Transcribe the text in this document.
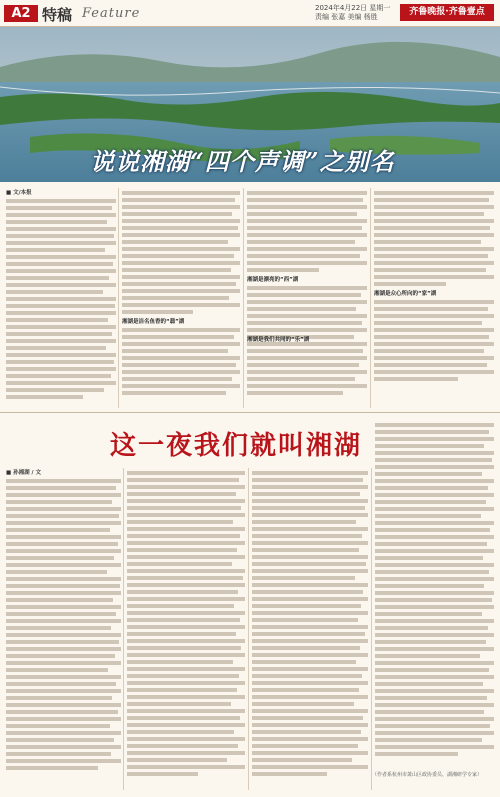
A2 特稿 Feature	2024年4月22日 星期一
责编 张嘉 美编 杨胜	齐鲁晚报·齐鲁壹点
说说湘湖“四个声调”之别名
■ 文/本报
湘湖是洁名鱼香的“翡”湖
湘湖是漂亮的“西”湖
湘湖是众心所向的“家”湖
湘湖是我们共同的“乐”湖
这一夜我们就叫湘湖
■ 孙湘湖 / 文
（作者系杭州市萧山区政协委员、湖湘研学专家）
